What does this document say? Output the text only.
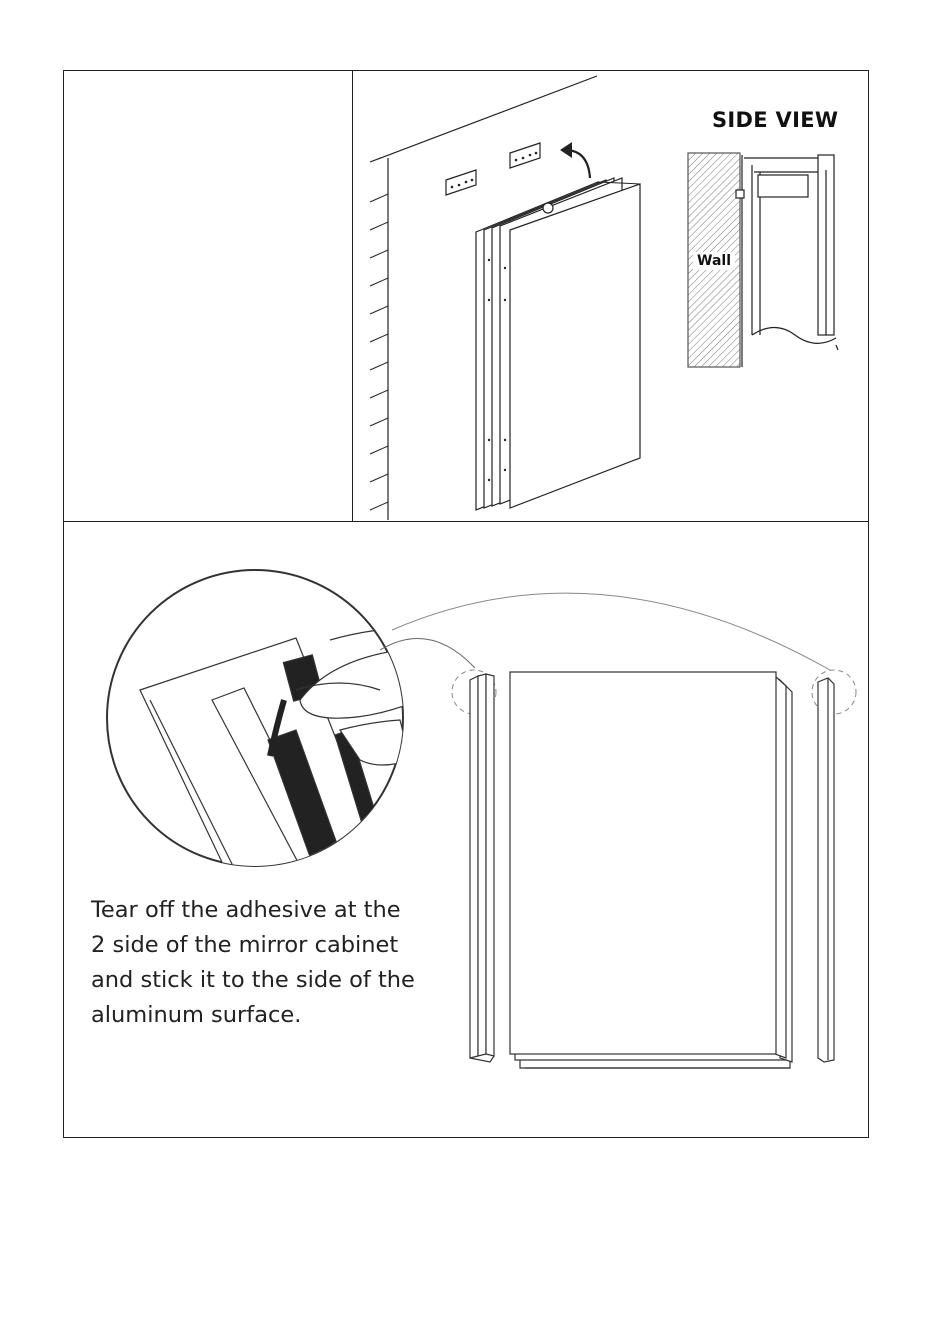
SIDE VIEW
Wall
Tear off the adhesive at the
2 side of the mirror cabinet
and stick it to the side of the
aluminum surface.
